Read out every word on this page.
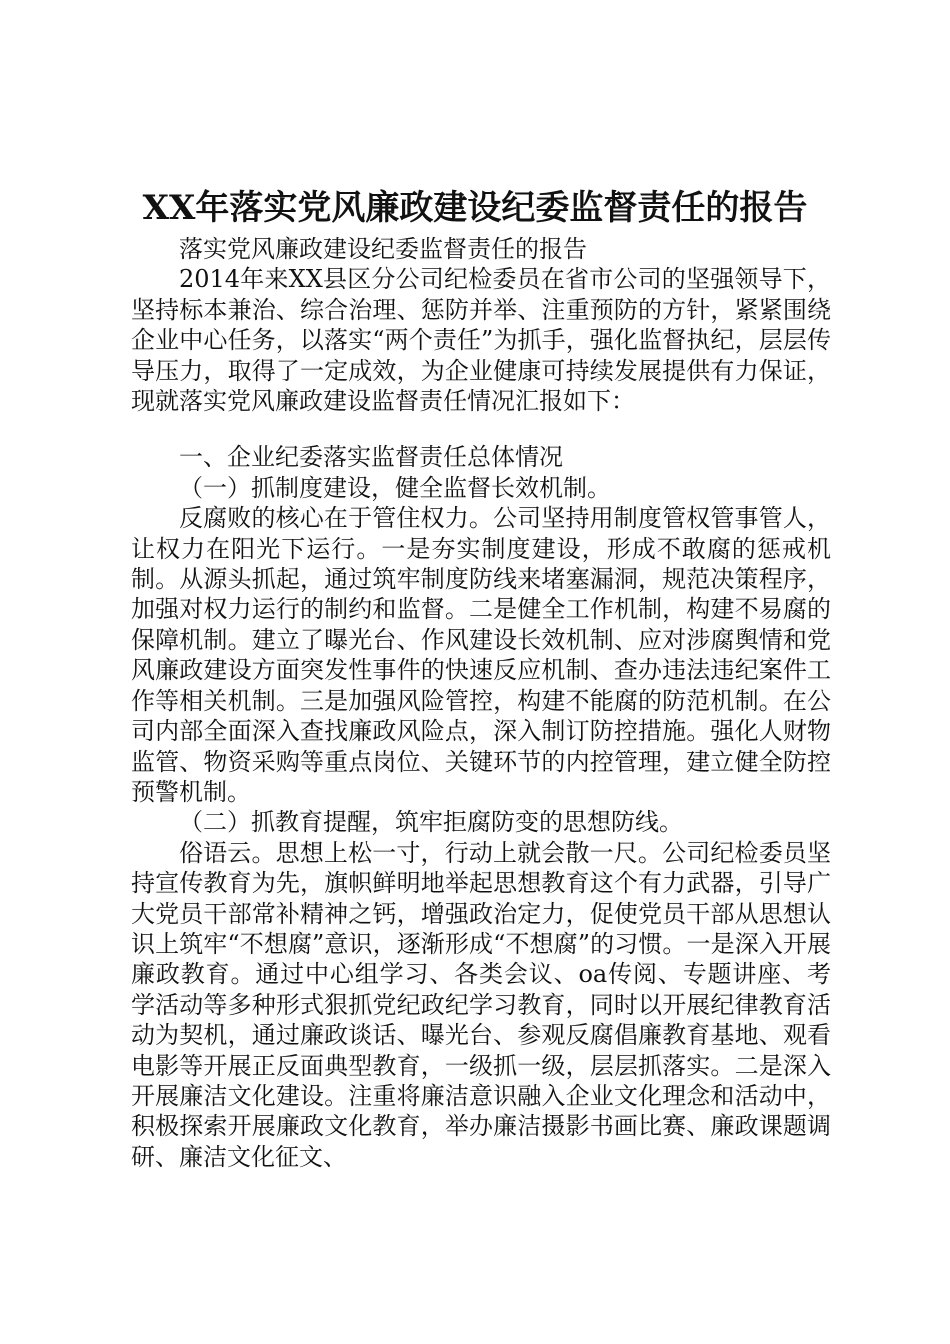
XX年落实党风廉政建设纪委监督责任的报告

落实党风廉政建设纪委监督责任的报告

2014年来XX县区分公司纪检委员在省市公司的坚强领导下，坚持标本兼治、综合治理、惩防并举、注重预防的方针，紧紧围绕企业中心任务，以落实“两个责任”为抓手，强化监督执纪，层层传导压力，取得了一定成效，为企业健康可持续发展提供有力保证，现就落实党风廉政建设监督责任情况汇报如下：

一、企业纪委落实监督责任总体情况

（一）抓制度建设，健全监督长效机制。

反腐败的核心在于管住权力。公司坚持用制度管权管事管人，让权力在阳光下运行。一是夯实制度建设，形成不敢腐的惩戒机制。从源头抓起，通过筑牢制度防线来堵塞漏洞，规范决策程序，加强对权力运行的制约和监督。二是健全工作机制，构建不易腐的保障机制。建立了曝光台、作风建设长效机制、应对涉腐舆情和党风廉政建设方面突发性事件的快速反应机制、查办违法违纪案件工作等相关机制。三是加强风险管控，构建不能腐的防范机制。在公司内部全面深入查找廉政风险点，深入制订防控措施。强化人财物监管、物资采购等重点岗位、关键环节的内控管理，建立健全防控预警机制。

（二）抓教育提醒，筑牢拒腐防变的思想防线。

俗语云。思想上松一寸，行动上就会散一尺。公司纪检委员坚持宣传教育为先，旗帜鲜明地举起思想教育这个有力武器，引导广大党员干部常补精神之钙，增强政治定力，促使党员干部从思想认识上筑牢“不想腐”意识，逐渐形成“不想腐”的习惯。一是深入开展廉政教育。通过中心组学习、各类会议、oa传阅、专题讲座、考学活动等多种形式狠抓党纪政纪学习教育，同时以开展纪律教育活动为契机，通过廉政谈话、曝光台、参观反腐倡廉教育基地、观看电影等开展正反面典型教育，一级抓一级，层层抓落实。二是深入开展廉洁文化建设。注重将廉洁意识融入企业文化理念和活动中，积极探索开展廉政文化教育，举办廉洁摄影书画比赛、廉政课题调研、廉洁文化征文、
